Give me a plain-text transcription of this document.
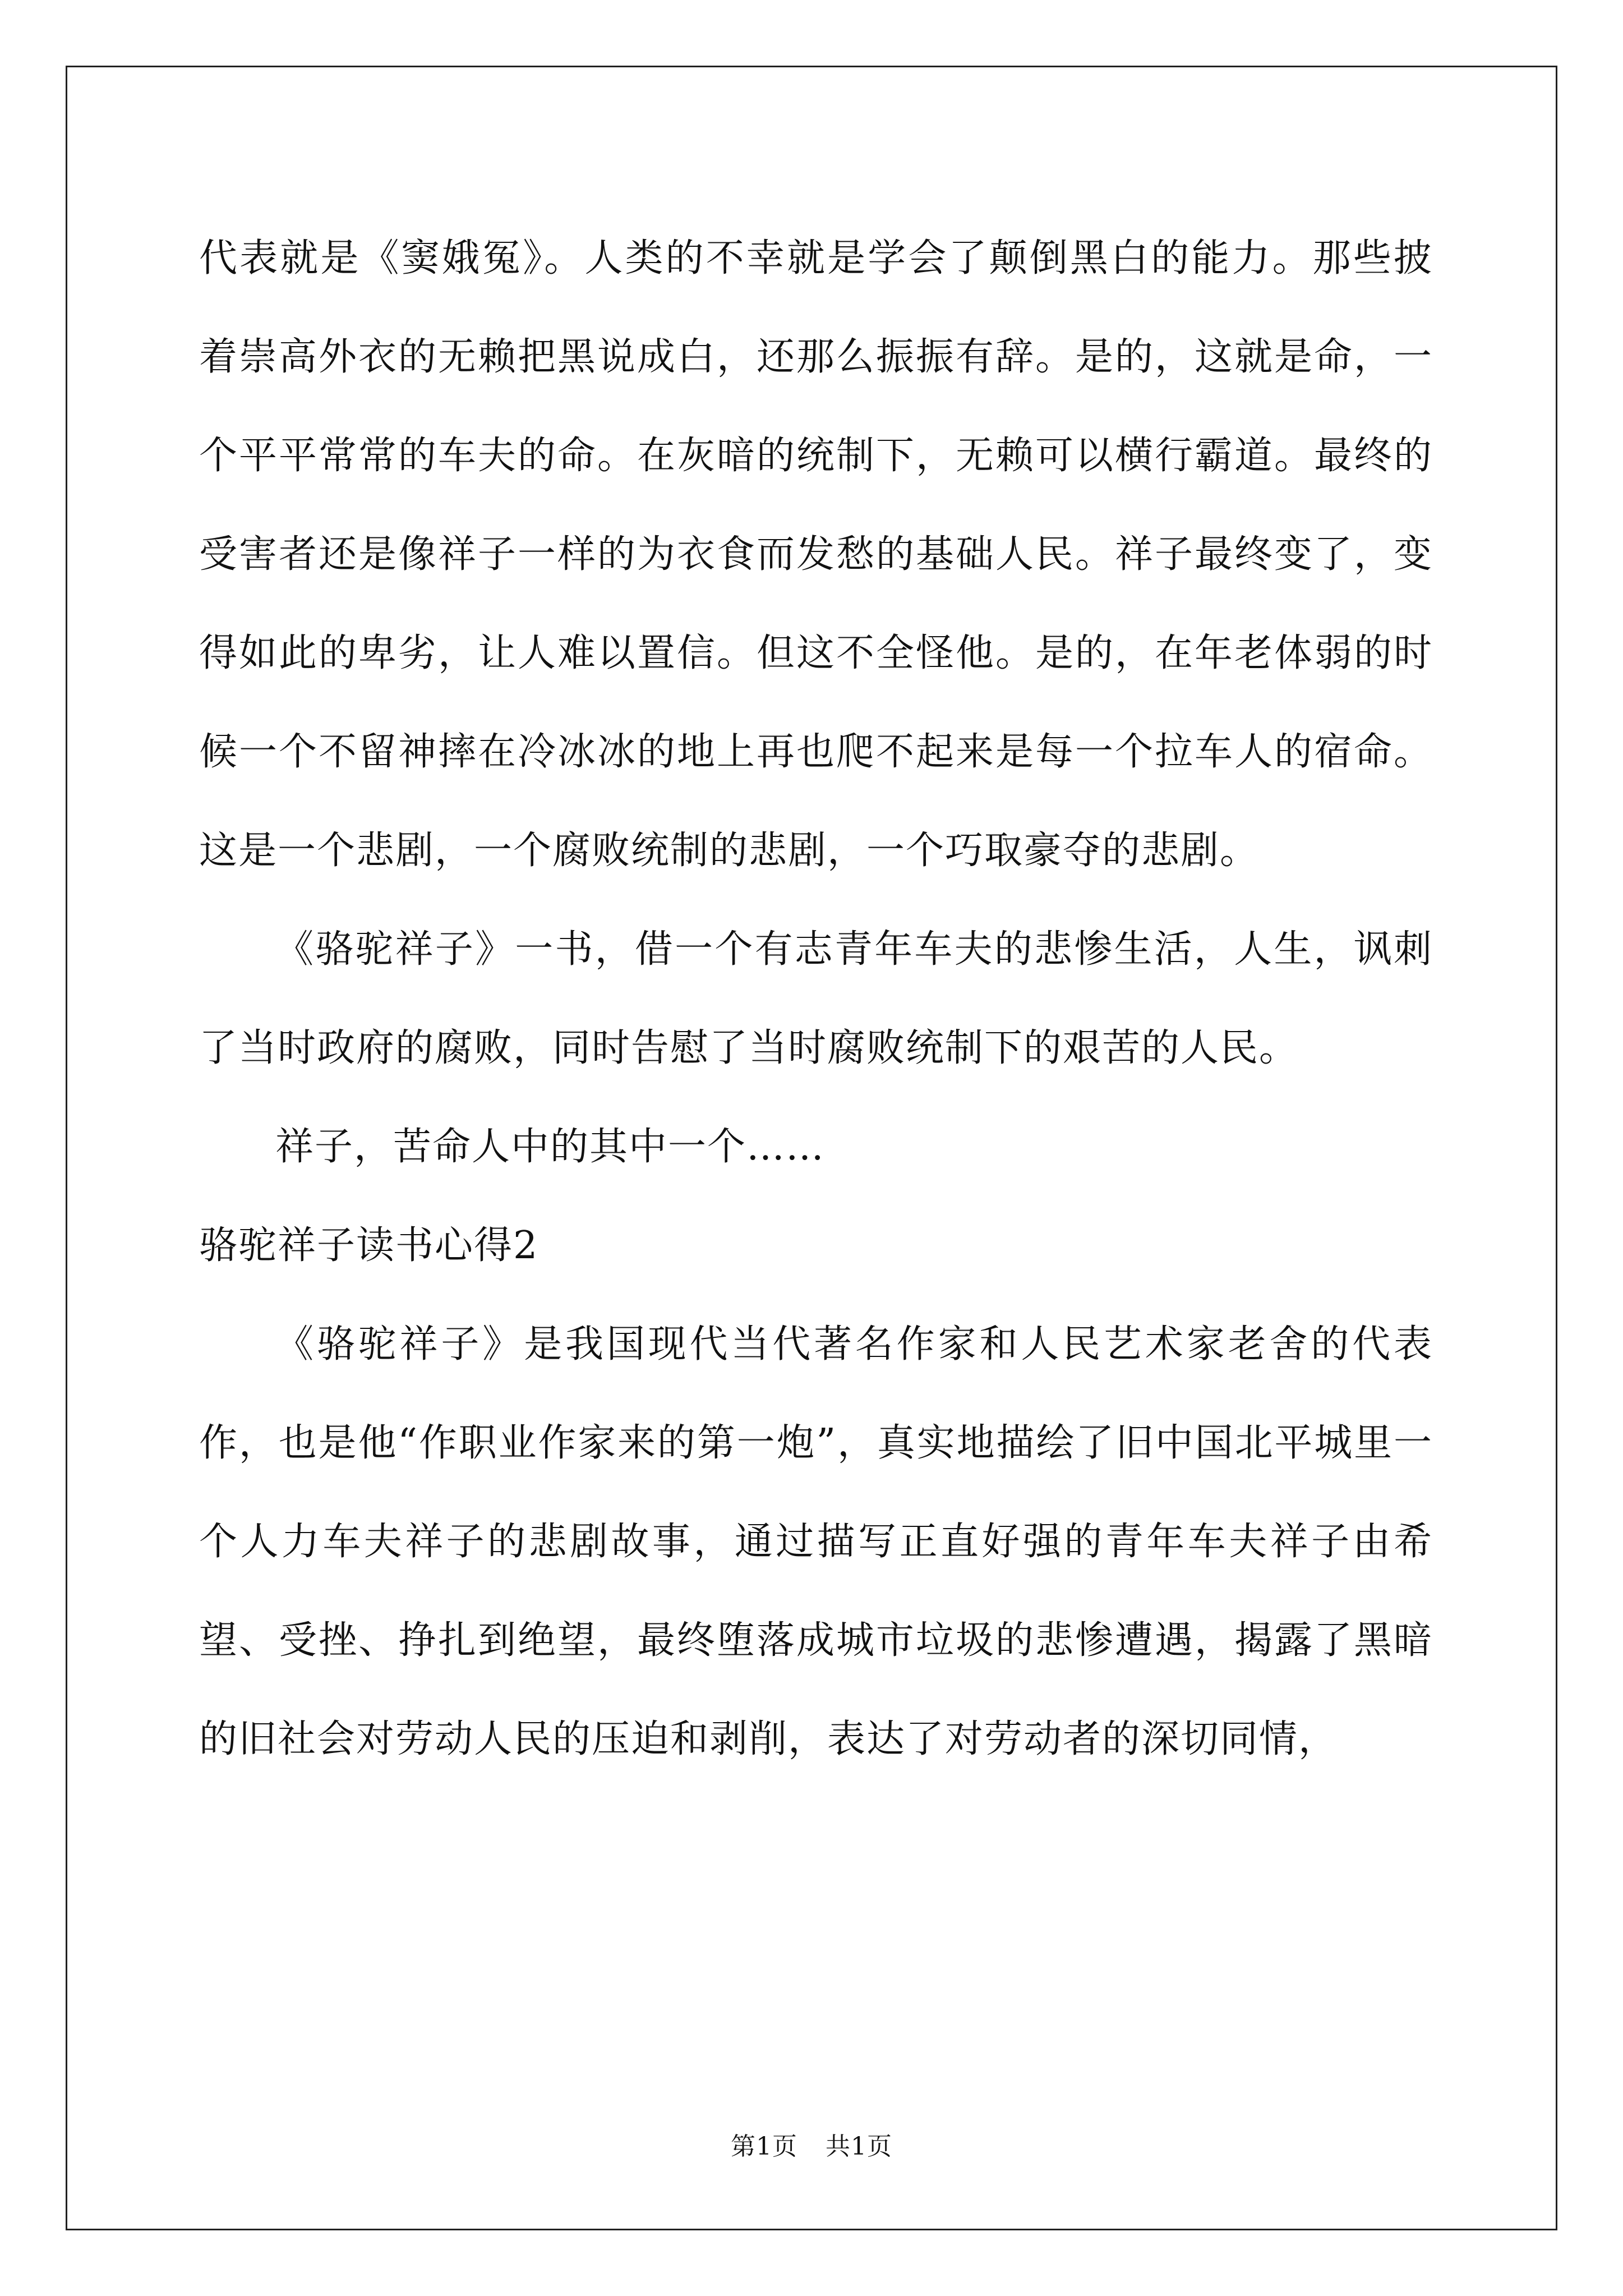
代表就是《窦娥冤》。人类的不幸就是学会了颠倒黑白的能力。那些披着崇高外衣的无赖把黑说成白，还那么振振有辞。是的，这就是命，一个平平常常的车夫的命。在灰暗的统制下，无赖可以横行霸道。最终的受害者还是像祥子一样的为衣食而发愁的基础人民。祥子最终变了，变得如此的卑劣，让人难以置信。但这不全怪他。是的，在年老体弱的时候一个不留神摔在冷冰冰的地上再也爬不起来是每一个拉车人的宿命。这是一个悲剧，一个腐败统制的悲剧，一个巧取豪夺的悲剧。

《骆驼祥子》一书，借一个有志青年车夫的悲惨生活，人生，讽刺了当时政府的腐败，同时告慰了当时腐败统制下的艰苦的人民。

祥子，苦命人中的其中一个……

骆驼祥子读书心得2

《骆驼祥子》是我国现代当代著名作家和人民艺术家老舍的代表作，也是他“作职业作家来的第一炮”，真实地描绘了旧中国北平城里一个人力车夫祥子的悲剧故事，通过描写正直好强的青年车夫祥子由希望、受挫、挣扎到绝望，最终堕落成城市垃圾的悲惨遭遇，揭露了黑暗的旧社会对劳动人民的压迫和剥削，表达了对劳动者的深切同情，

第1页 共1页
